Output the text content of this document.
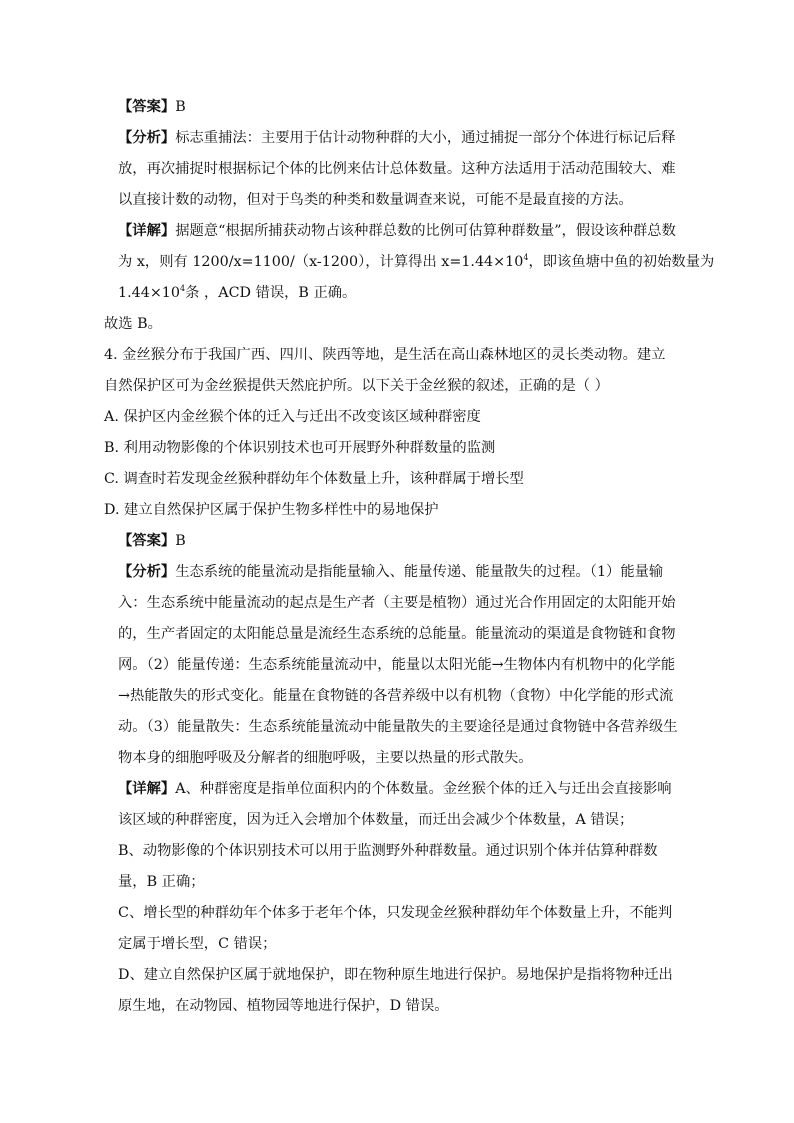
【答案】B

【分析】标志重捕法：主要用于估计动物种群的大小，通过捕捉一部分个体进行标记后释

放，再次捕捉时根据标记个体的比例来估计总体数量。这种方法适用于活动范围较大、难

以直接计数的动物，但对于鸟类的种类和数量调查来说，可能不是最直接的方法。

【详解】据题意“根据所捕获动物占该种群总数的比例可估算种群数量”，假设该种群总数

为 x，则有 1200/x=1100/（x-1200），计算得出 $x=1.44\times 10^4$，即该鱼塘中鱼的初始数量为

$1.44\times 10^4$条 ，ACD 错误，B 正确。

故选 B。

4. 金丝猴分布于我国广西、四川、陕西等地，是生活在高山森林地区的灵长类动物。建立

自然保护区可为金丝猴提供天然庇护所。以下关于金丝猴的叙述，正确的是（ ）

A. 保护区内金丝猴个体的迁入与迁出不改变该区域种群密度

B. 利用动物影像的个体识别技术也可开展野外种群数量的监测

C. 调查时若发现金丝猴种群幼年个体数量上升，该种群属于增长型

D. 建立自然保护区属于保护生物多样性中的易地保护

【答案】B

【分析】生态系统的能量流动是指能量输入、能量传递、能量散失的过程。（1）能量输

入：生态系统中能量流动的起点是生产者（主要是植物）通过光合作用固定的太阳能开始

的，生产者固定的太阳能总量是流经生态系统的总能量。能量流动的渠道是食物链和食物

网。（2）能量传递：生态系统能量流动中，能量以太阳光能→生物体内有机物中的化学能

→热能散失的形式变化。能量在食物链的各营养级中以有机物（食物）中化学能的形式流

动。（3）能量散失：生态系统能量流动中能量散失的主要途径是通过食物链中各营养级生

物本身的细胞呼吸及分解者的细胞呼吸，主要以热量的形式散失。

【详解】A、种群密度是指单位面积内的个体数量。金丝猴个体的迁入与迁出会直接影响

该区域的种群密度，因为迁入会增加个体数量，而迁出会减少个体数量，A 错误；

B、动物影像的个体识别技术可以用于监测野外种群数量。通过识别个体并估算种群数

量，B 正确；

C、增长型的种群幼年个体多于老年个体，只发现金丝猴种群幼年个体数量上升，不能判

定属于增长型，C 错误；

D、建立自然保护区属于就地保护，即在物种原生地进行保护。易地保护是指将物种迁出

原生地，在动物园、植物园等地进行保护，D 错误。
